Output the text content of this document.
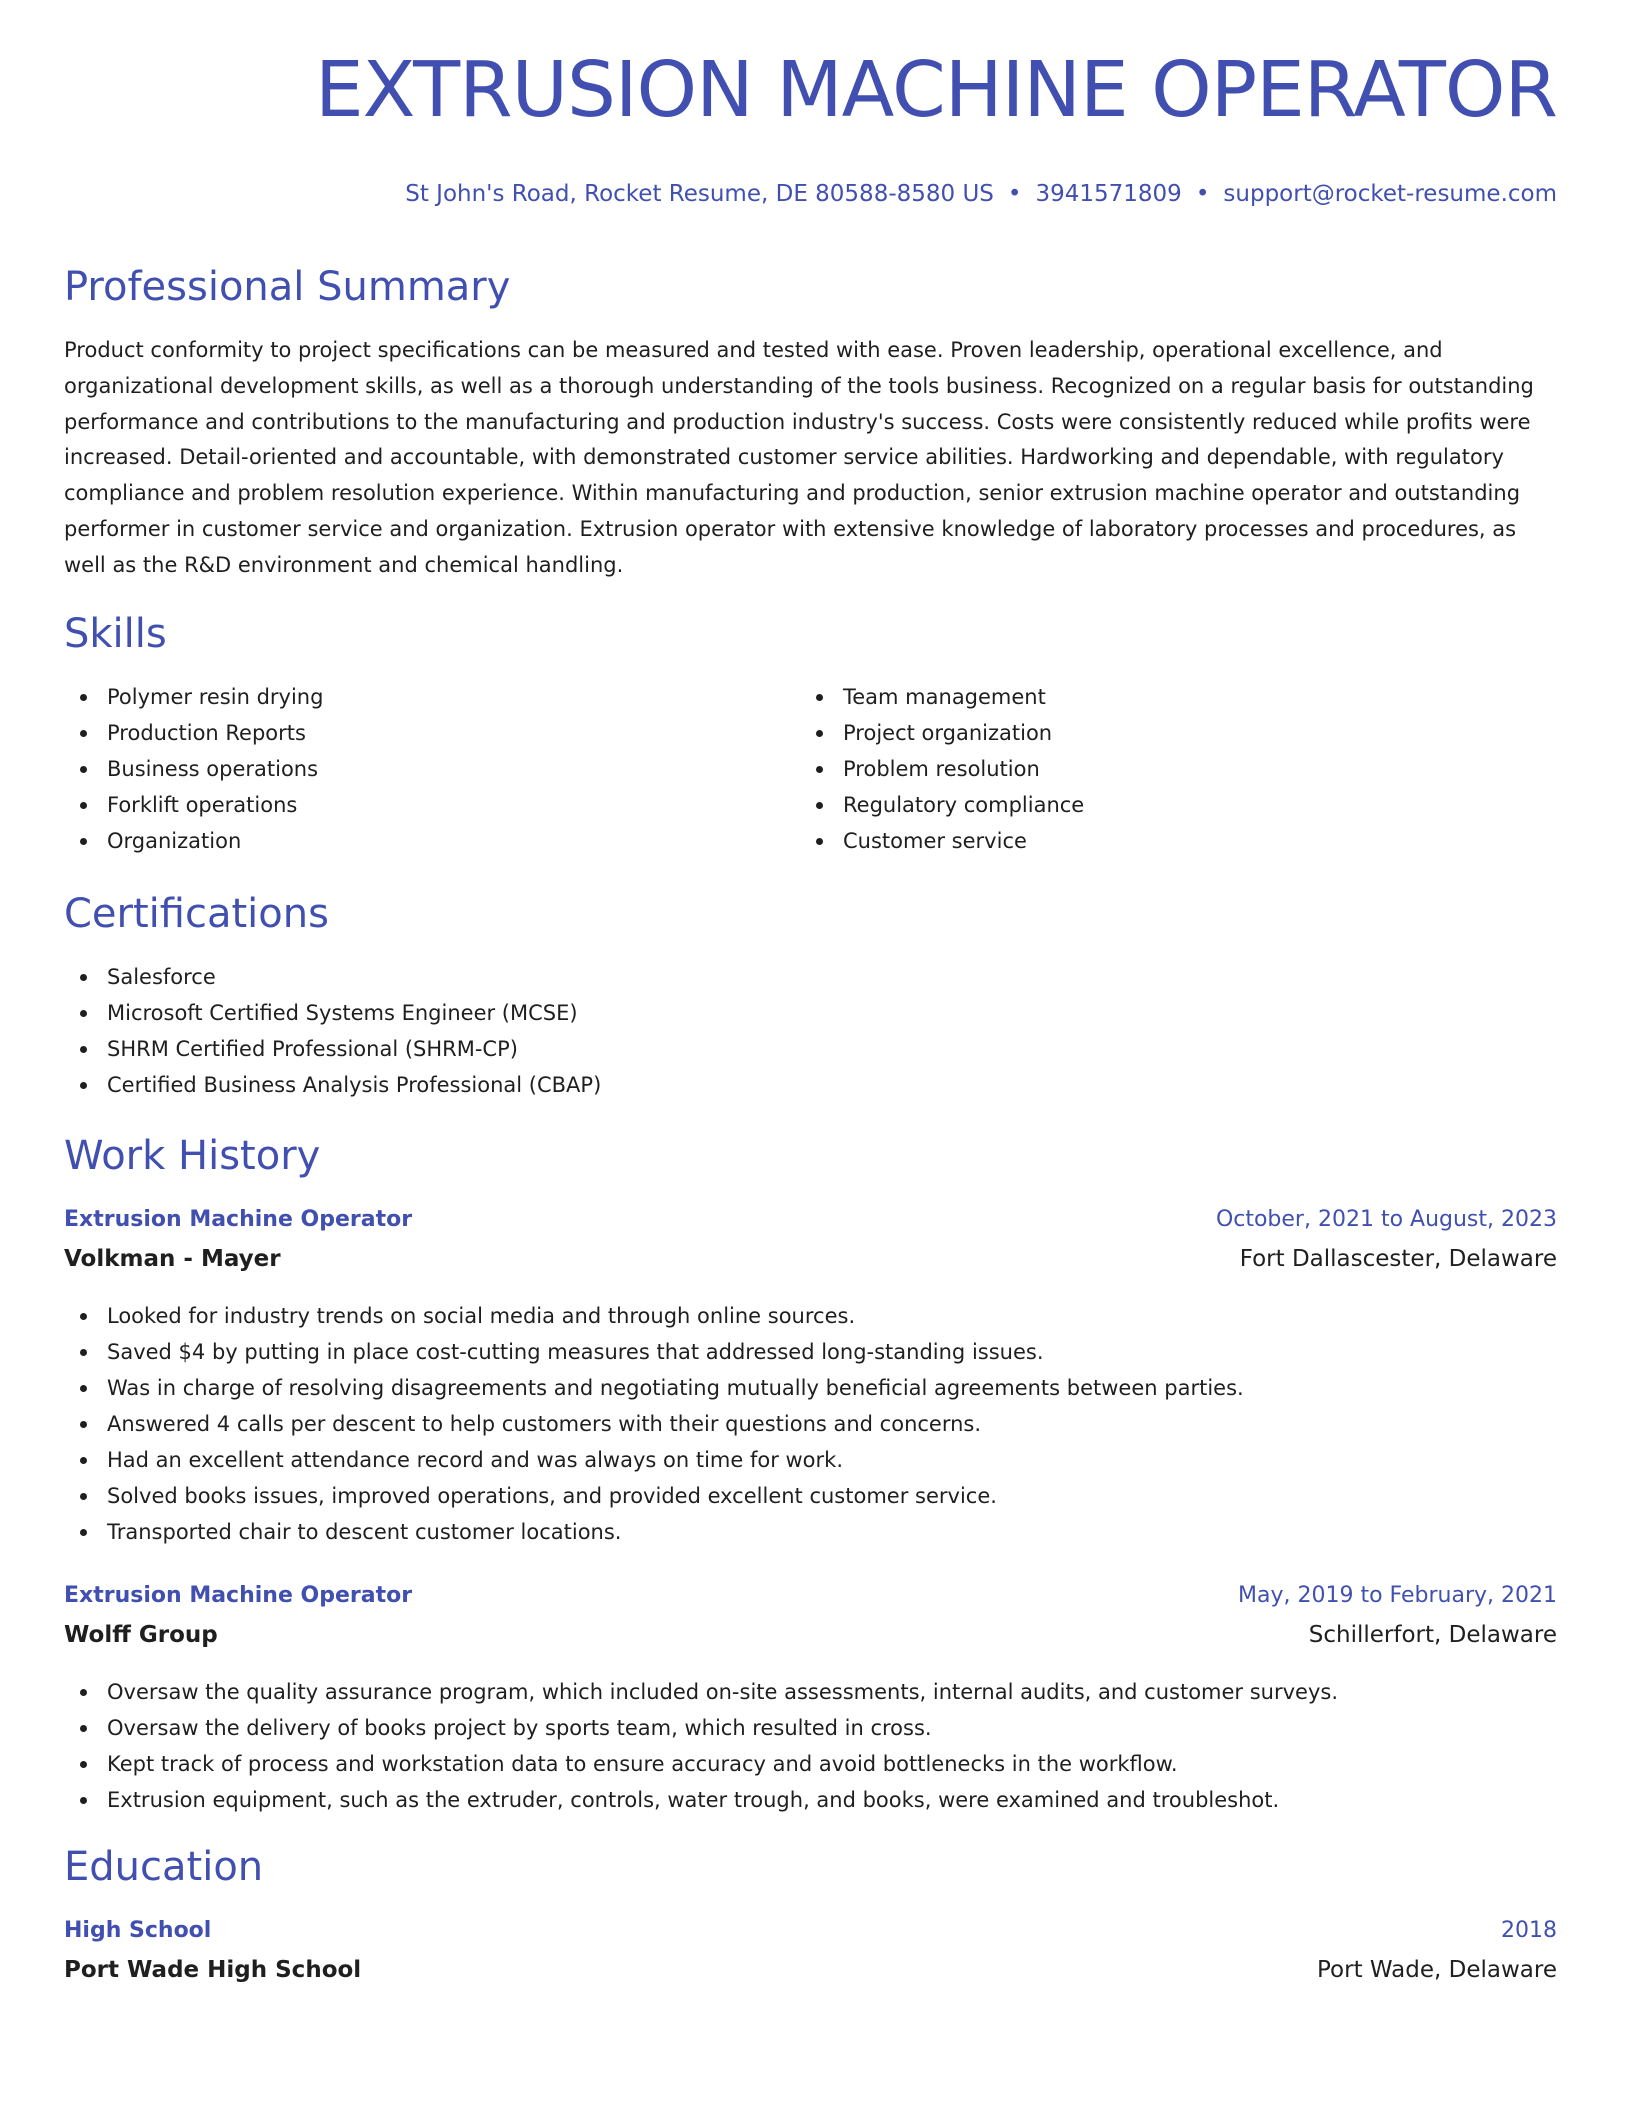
EXTRUSION MACHINE OPERATOR
St John's Road, Rocket Resume, DE 80588-8580 US • 3941571809 • support@rocket-resume.com
Professional Summary

Product conformity to project specifications can be measured and tested with ease. Proven leadership, operational excellence, and organizational development skills, as well as a thorough understanding of the tools business. Recognized on a regular basis for outstanding performance and contributions to the manufacturing and production industry's success. Costs were consistently reduced while profits were increased. Detail-oriented and accountable, with demonstrated customer service abilities. Hardworking and dependable, with regulatory compliance and problem resolution experience. Within manufacturing and production, senior extrusion machine operator and outstanding performer in customer service and organization. Extrusion operator with extensive knowledge of laboratory processes and procedures, as well as the R&D environment and chemical handling.

Skills
Polymer resin drying
Production Reports
Business operations
Forklift operations
Organization
Team management
Project organization
Problem resolution
Regulatory compliance
Customer service
Certifications
Salesforce
Microsoft Certified Systems Engineer (MCSE)
SHRM Certified Professional (SHRM-CP)
Certified Business Analysis Professional (CBAP)
Work History
Extrusion Machine Operator	October, 2021 to August, 2023
Volkman - Mayer	Fort Dallascester, Delaware
Looked for industry trends on social media and through online sources.
Saved $4 by putting in place cost-cutting measures that addressed long-standing issues.
Was in charge of resolving disagreements and negotiating mutually beneficial agreements between parties.
Answered 4 calls per descent to help customers with their questions and concerns.
Had an excellent attendance record and was always on time for work.
Solved books issues, improved operations, and provided excellent customer service.
Transported chair to descent customer locations.
Extrusion Machine Operator	May, 2019 to February, 2021
Wolff Group	Schillerfort, Delaware
Oversaw the quality assurance program, which included on-site assessments, internal audits, and customer surveys.
Oversaw the delivery of books project by sports team, which resulted in cross.
Kept track of process and workstation data to ensure accuracy and avoid bottlenecks in the workflow.
Extrusion equipment, such as the extruder, controls, water trough, and books, were examined and troubleshot.
Education
High School	2018
Port Wade High School	Port Wade, Delaware
